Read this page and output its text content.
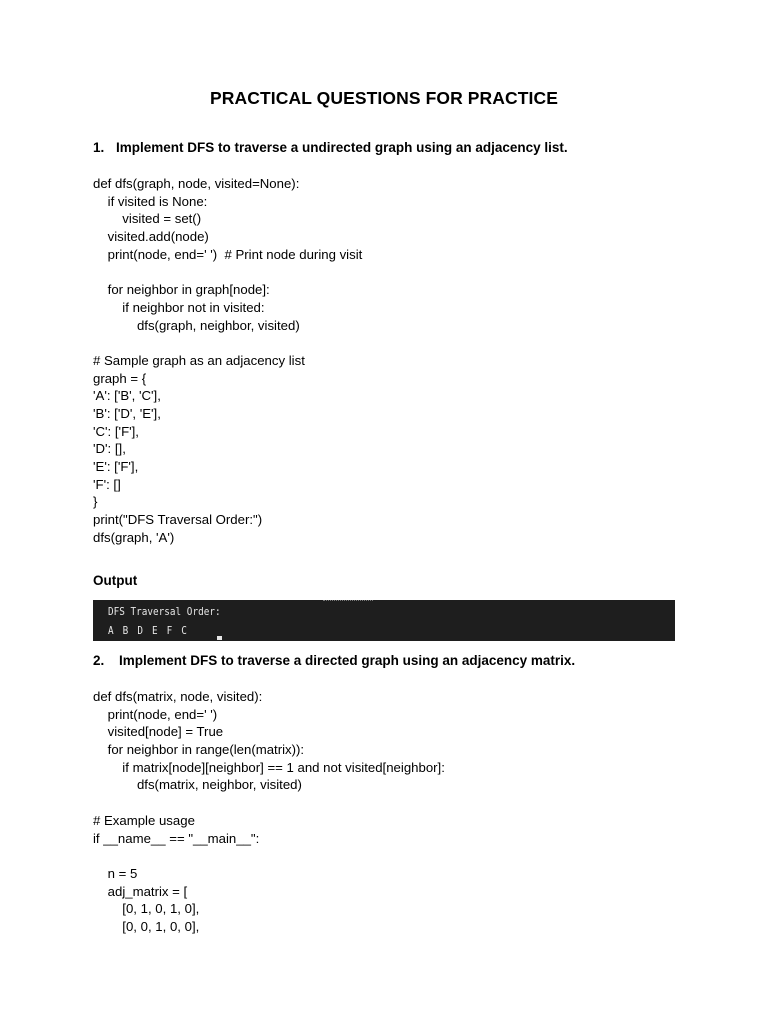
PRACTICAL QUESTIONS FOR PRACTICE
1. Implement DFS to traverse a undirected graph using an adjacency list.
def dfs(graph, node, visited=None):
if visited is None:
visited = set()
visited.add(node)
print(node, end=' ')  # Print node during visit

for neighbor in graph[node]:
if neighbor not in visited:
dfs(graph, neighbor, visited)

# Sample graph as an adjacency list
graph = {
'A': ['B', 'C'],
'B': ['D', 'E'],
'C': ['F'],
'D': [],
'E': ['F'],
'F': []
}
print("DFS Traversal Order:")
dfs(graph, 'A')
Output
DFS Traversal Order:
A B D E F C
2. Implement DFS to traverse a directed graph using an adjacency matrix.
def dfs(matrix, node, visited):
print(node, end=' ')
visited[node] = True
for neighbor in range(len(matrix)):
if matrix[node][neighbor] == 1 and not visited[neighbor]:
dfs(matrix, neighbor, visited)

# Example usage
if __name__ == "__main__":

n = 5
adj_matrix = [
[0, 1, 0, 1, 0],
[0, 0, 1, 0, 0],
